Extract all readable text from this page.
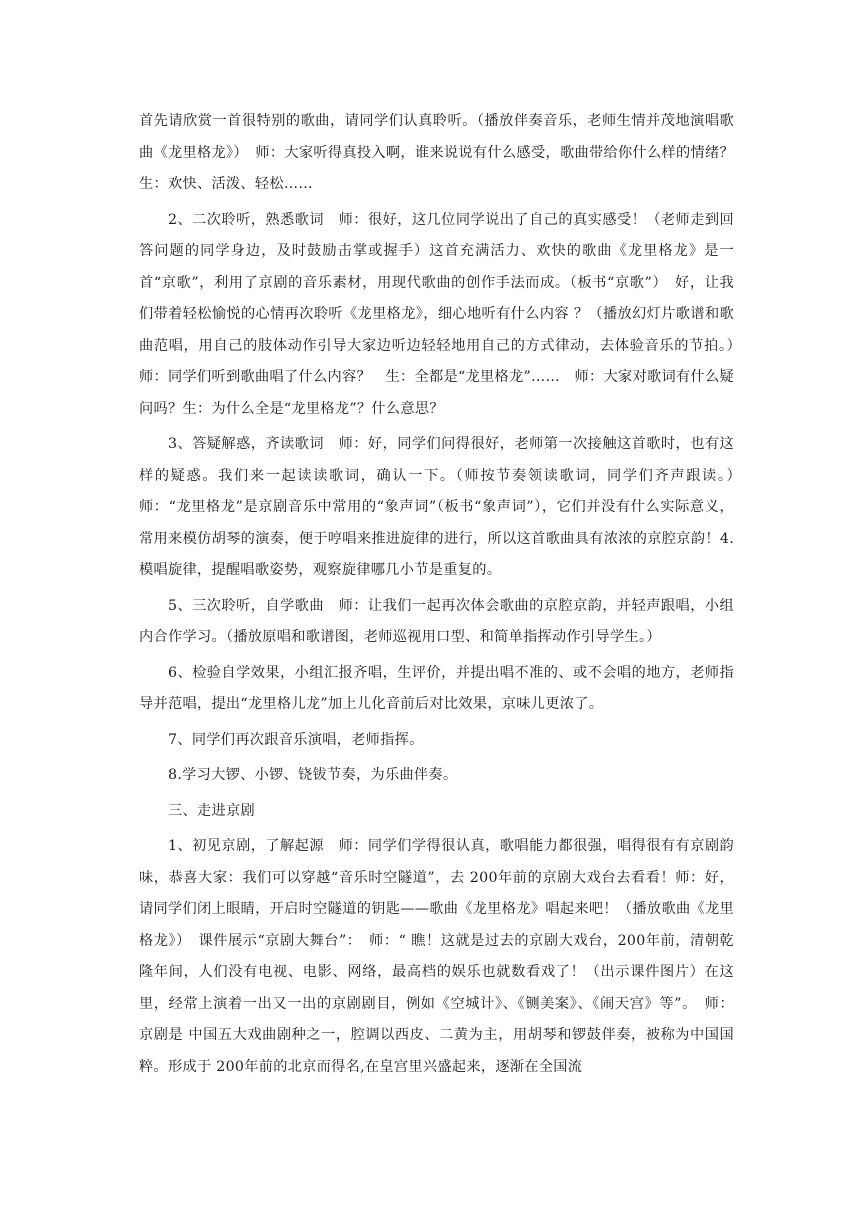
首先请欣赏一首很特别的歌曲，请同学们认真聆听。（播放伴奏音乐，老师生情并茂地演唱歌曲《龙里格龙》）　师：大家听得真投入啊，谁来说说有什么感受，歌曲带给你什么样的情绪？　生：欢快、活泼、轻松……

2、二次聆听，熟悉歌词　师：很好，这几位同学说出了自己的真实感受！（老师走到回答问题的同学身边，及时鼓励击掌或握手）这首充满活力、欢快的歌曲《龙里格龙》是一首“京歌”，利用了京剧的音乐素材，用现代歌曲的创作手法而成。（板书“京歌”）　好，让我们带着轻松愉悦的心情再次聆听《龙里格龙》，细心地听有什么内容 ？（播放幻灯片歌谱和歌曲范唱，用自己的肢体动作引导大家边听边轻轻地用自己的方式律动，去体验音乐的节拍。）　师：同学们听到歌曲唱了什么内容？　生：全都是“龙里格龙”……　师：大家对歌词有什么疑问吗？生：为什么全是“龙里格龙”？什么意思？

3、答疑解惑，齐读歌词　师：好，同学们问得很好，老师第一次接触这首歌时，也有这样的疑惑。我们来一起读读歌词，确认一下。（师按节奏领读歌词，同学们齐声跟读。）　师：“龙里格龙”是京剧音乐中常用的“象声词”（板书“象声词”），它们并没有什么实际意义，常用来模仿胡琴的演奏，便于哼唱来推进旋律的进行，所以这首歌曲具有浓浓的京腔京韵！4.模唱旋律，提醒唱歌姿势，观察旋律哪几小节是重复的。

5、三次聆听，自学歌曲　师：让我们一起再次体会歌曲的京腔京韵，并轻声跟唱，小组内合作学习。（播放原唱和歌谱图，老师巡视用口型、和简单指挥动作引导学生。）

6、检验自学效果，小组汇报齐唱，生评价，并提出唱不准的、或不会唱的地方，老师指导并范唱，提出“龙里格儿龙”加上儿化音前后对比效果，京味儿更浓了。

7、同学们再次跟音乐演唱，老师指挥。

8.学习大锣、小锣、铙钹节奏，为乐曲伴奏。

三、走进京剧

1、初见京剧，了解起源　师：同学们学得很认真，歌唱能力都很强，唱得很有有京剧韵味，恭喜大家：我们可以穿越“音乐时空隧道”，去 200年前的京剧大戏台去看看！师：好，请同学们闭上眼睛，开启时空隧道的钥匙——歌曲《龙里格龙》唱起来吧！（播放歌曲《龙里格龙》）　课件展示“京剧大舞台”：　师：“ 瞧！这就是过去的京剧大戏台，200年前，清朝乾隆年间，人们没有电视、电影、网络，最高档的娱乐也就数看戏了！（出示课件图片）在这里，经常上演着一出又一出的京剧剧目，例如《空城计》、《铡美案》、《闹天宫》等”。　师：京剧是 中国五大戏曲剧种之一，腔调以西皮、二黄为主，用胡琴和锣鼓伴奏，被称为中国国粹。形成于 200年前的北京而得名,在皇宫里兴盛起来，逐渐在全国流
